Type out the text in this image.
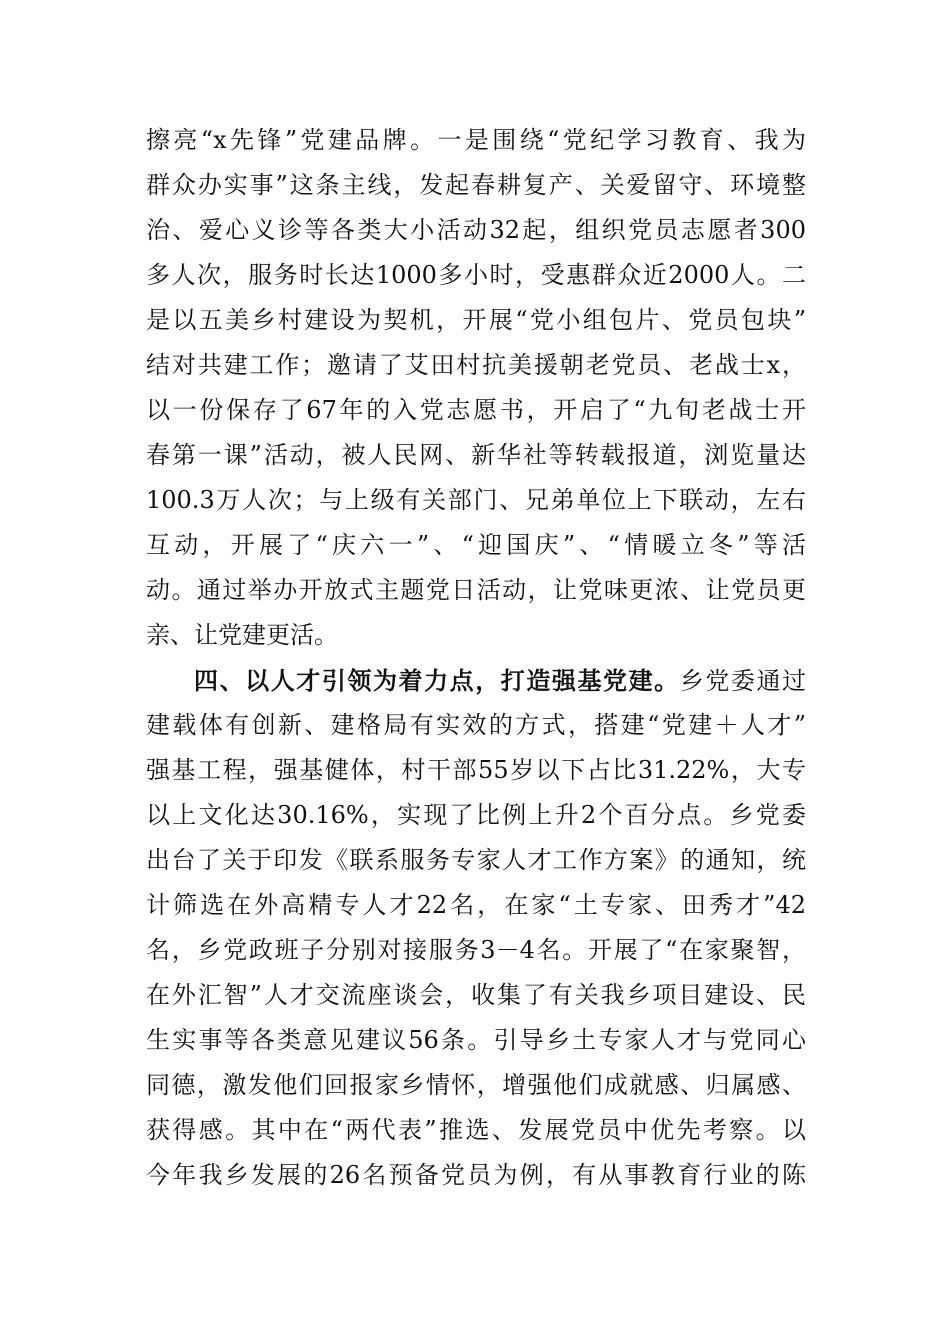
擦亮“x先锋”党建品牌。一是围绕“党纪学习教育、我为
群众办实事”这条主线，发起春耕复产、关爱留守、环境整
治、爱心义诊等各类大小活动32起，组织党员志愿者300
多人次，服务时长达1000多小时，受惠群众近2000人。二
是以五美乡村建设为契机，开展“党小组包片、党员包块”
结对共建工作；邀请了艾田村抗美援朝老党员、老战士x，
以一份保存了67年的入党志愿书，开启了“九旬老战士开
春第一课”活动，被人民网、新华社等转载报道，浏览量达
100.3万人次；与上级有关部门、兄弟单位上下联动，左右
互动，开展了“庆六一”、“迎国庆”、“情暖立冬”等活
动。通过举办开放式主题党日活动，让党味更浓、让党员更
亲、让党建更活。
四、以人才引领为着力点，打造强基党建。乡党委通过
建载体有创新、建格局有实效的方式，搭建“党建＋人才”
强基工程，强基健体，村干部55岁以下占比31.22%，大专
以上文化达30.16%，实现了比例上升2个百分点。乡党委
出台了关于印发《联系服务专家人才工作方案》的通知，统
计筛选在外高精专人才22名，在家“土专家、田秀才”42
名，乡党政班子分别对接服务3－4名。开展了“在家聚智，
在外汇智”人才交流座谈会，收集了有关我乡项目建设、民
生实事等各类意见建议56条。引导乡土专家人才与党同心
同德，激发他们回报家乡情怀，增强他们成就感、归属感、
获得感。其中在“两代表”推选、发展党员中优先考察。以
今年我乡发展的26名预备党员为例，有从事教育行业的陈
